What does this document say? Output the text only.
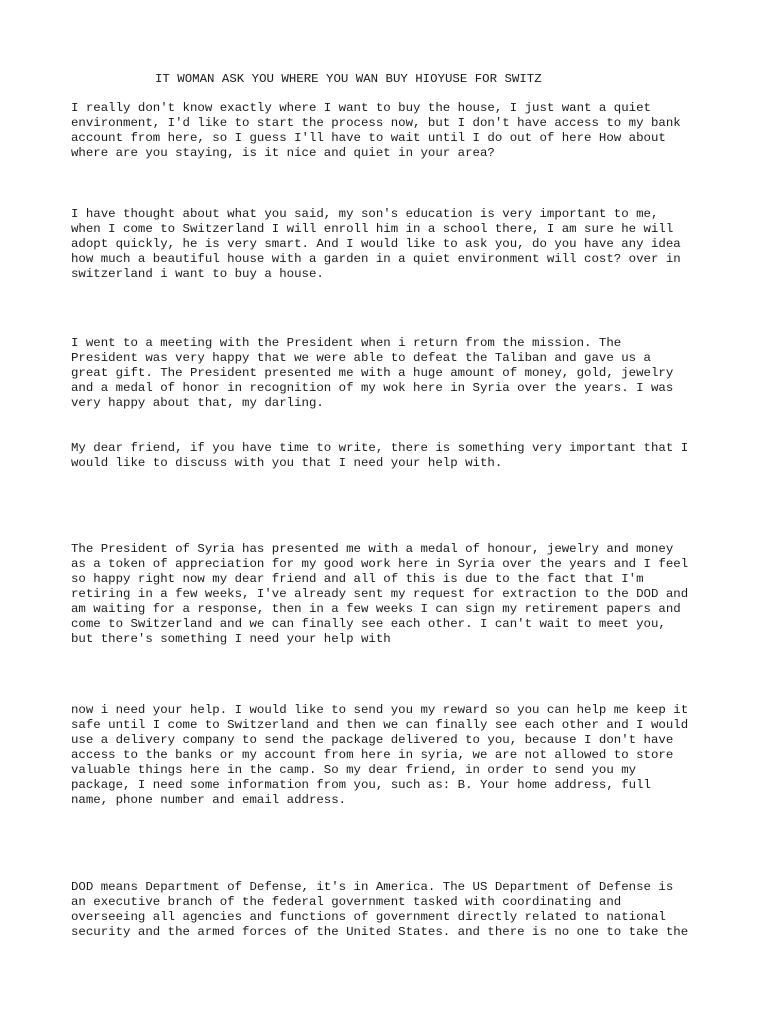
IT WOMAN ASK YOU WHERE YOU WAN BUY HIOYUSE FOR SWITZ
I really don't know exactly where I want to buy the house, I just want a quiet
environment, I'd like to start the process now, but I don't have access to my bank
account from here, so I guess I'll have to wait until I do out of here How about
where are you staying, is it nice and quiet in your area?
I have thought about what you said, my son's education is very important to me,
when I come to Switzerland I will enroll him in a school there, I am sure he will
adopt quickly, he is very smart. And I would like to ask you, do you have any idea
how much a beautiful house with a garden in a quiet environment will cost? over in
switzerland i want to buy a house.
I went to a meeting with the President when i return from the mission. The
President was very happy that we were able to defeat the Taliban and gave us a
great gift. The President presented me with a huge amount of money, gold, jewelry
and a medal of honor in recognition of my wok here in Syria over the years. I was
very happy about that, my darling.
My dear friend, if you have time to write, there is something very important that I
would like to discuss with you that I need your help with.
The President of Syria has presented me with a medal of honour, jewelry and money
as a token of appreciation for my good work here in Syria over the years and I feel
so happy right now my dear friend and all of this is due to the fact that I'm
retiring in a few weeks, I've already sent my request for extraction to the DOD and
am waiting for a response, then in a few weeks I can sign my retirement papers and
come to Switzerland and we can finally see each other. I can't wait to meet you,
but there's something I need your help with
now i need your help. I would like to send you my reward so you can help me keep it
safe until I come to Switzerland and then we can finally see each other and I would
use a delivery company to send the package delivered to you, because I don't have
access to the banks or my account from here in syria, we are not allowed to store
valuable things here in the camp. So my dear friend, in order to send you my
package, I need some information from you, such as: B. Your home address, full
name, phone number and email address.
DOD means Department of Defense, it's in America. The US Department of Defense is
an executive branch of the federal government tasked with coordinating and
overseeing all agencies and functions of government directly related to national
security and the armed forces of the United States. and there is no one to take the
